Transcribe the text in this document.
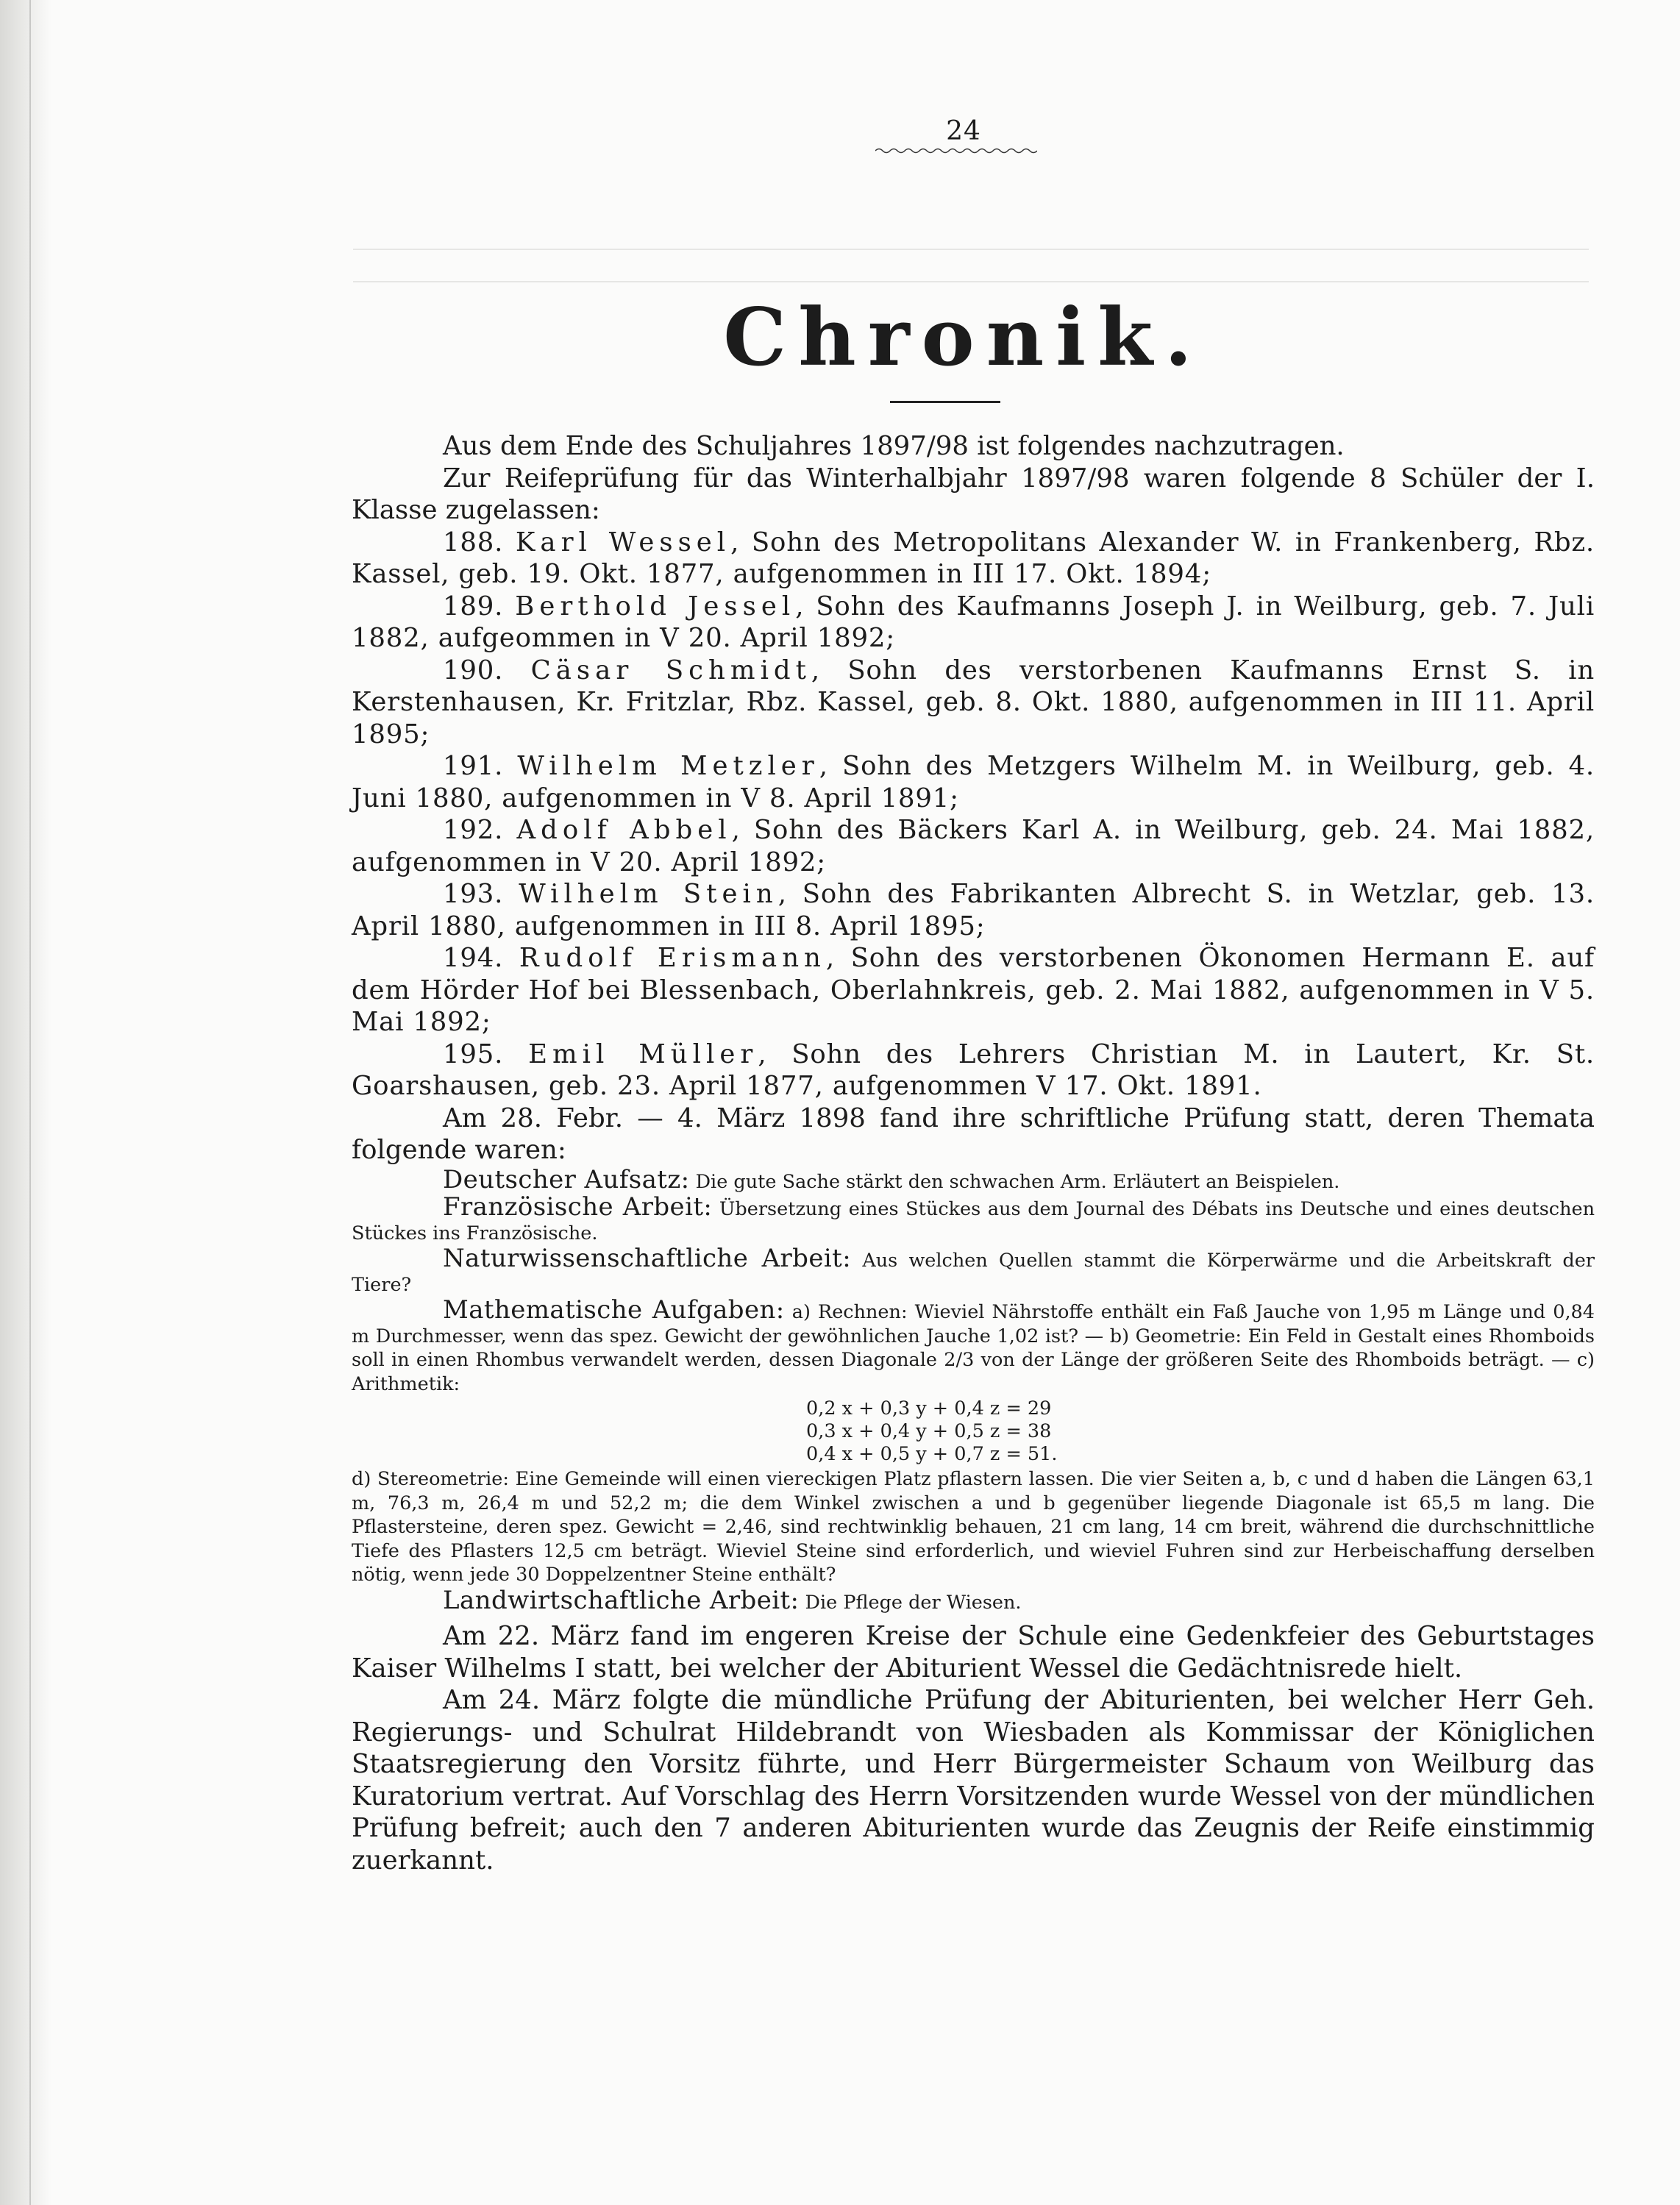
24
Chronik.

Aus dem Ende des Schuljahres 1897/98 ist folgendes nachzutragen.

Zur Reifeprüfung für das Winterhalbjahr 1897/98 waren folgende 8 Schüler der I. Klasse zugelassen:

188. Karl Wessel, Sohn des Metropolitans Alexander W. in Frankenberg, Rbz. Kassel, geb. 19. Okt. 1877, aufgenommen in III 17. Okt. 1894;

189. Berthold Jessel, Sohn des Kaufmanns Joseph J. in Weilburg, geb. 7. Juli 1882, aufgeommen in V 20. April 1892;

190. Cäsar Schmidt, Sohn des verstorbenen Kaufmanns Ernst S. in Kerstenhausen, Kr. Fritzlar, Rbz. Kassel, geb. 8. Okt. 1880, aufgenommen in III 11. April 1895;

191. Wilhelm Metzler, Sohn des Metzgers Wilhelm M. in Weilburg, geb. 4. Juni 1880, aufgenommen in V 8. April 1891;

192. Adolf Abbel, Sohn des Bäckers Karl A. in Weilburg, geb. 24. Mai 1882, aufgenommen in V 20. April 1892;

193. Wilhelm Stein, Sohn des Fabrikanten Albrecht S. in Wetzlar, geb. 13. April 1880, aufgenommen in III 8. April 1895;

194. Rudolf Erismann, Sohn des verstorbenen Ökonomen Hermann E. auf dem Hörder Hof bei Blessenbach, Oberlahnkreis, geb. 2. Mai 1882, aufgenommen in V 5. Mai 1892;

195. Emil Müller, Sohn des Lehrers Christian M. in Lautert, Kr. St. Goarshausen, geb. 23. April 1877, aufgenommen V 17. Okt. 1891.

Am 28. Febr. — 4. März 1898 fand ihre schriftliche Prüfung statt, deren Themata folgende waren:

Deutscher Aufsatz: Die gute Sache stärkt den schwachen Arm. Erläutert an Beispielen.

Französische Arbeit: Übersetzung eines Stückes aus dem Journal des Débats ins Deutsche und eines deutschen Stückes ins Französische.

Naturwissenschaftliche Arbeit: Aus welchen Quellen stammt die Körperwärme und die Arbeitskraft der Tiere?

Mathematische Aufgaben: a) Rechnen: Wieviel Nährstoffe enthält ein Faß Jauche von 1,95 m Länge und 0,84 m Durchmesser, wenn das spez. Gewicht der gewöhnlichen Jauche 1,02 ist? — b) Geometrie: Ein Feld in Gestalt eines Rhomboids soll in einen Rhombus verwandelt werden, dessen Diagonale 2/3 von der Länge der größeren Seite des Rhomboids beträgt. — c) Arithmetik:

0,2 x + 0,3 y + 0,4 z = 29
0,3 x + 0,4 y + 0,5 z = 38
0,4 x + 0,5 y + 0,7 z = 51.

d) Stereometrie: Eine Gemeinde will einen viereckigen Platz pflastern lassen. Die vier Seiten a, b, c und d haben die Längen 63,1 m, 76,3 m, 26,4 m und 52,2 m; die dem Winkel zwischen a und b gegenüber liegende Diagonale ist 65,5 m lang. Die Pflastersteine, deren spez. Gewicht = 2,46, sind rechtwinklig behauen, 21 cm lang, 14 cm breit, während die durchschnittliche Tiefe des Pflasters 12,5 cm beträgt. Wieviel Steine sind erforderlich, und wieviel Fuhren sind zur Herbeischaffung derselben nötig, wenn jede 30 Doppelzentner Steine enthält?

Landwirtschaftliche Arbeit: Die Pflege der Wiesen.

Am 22. März fand im engeren Kreise der Schule eine Gedenkfeier des Geburtstages Kaiser Wilhelms I statt, bei welcher der Abiturient Wessel die Gedächtnisrede hielt.

Am 24. März folgte die mündliche Prüfung der Abiturienten, bei welcher Herr Geh. Regierungs- und Schulrat Hildebrandt von Wiesbaden als Kommissar der Königlichen Staatsregierung den Vorsitz führte, und Herr Bürgermeister Schaum von Weilburg das Kuratorium vertrat. Auf Vorschlag des Herrn Vorsitzenden wurde Wessel von der mündlichen Prüfung befreit; auch den 7 anderen Abiturienten wurde das Zeugnis der Reife einstimmig zuerkannt.
